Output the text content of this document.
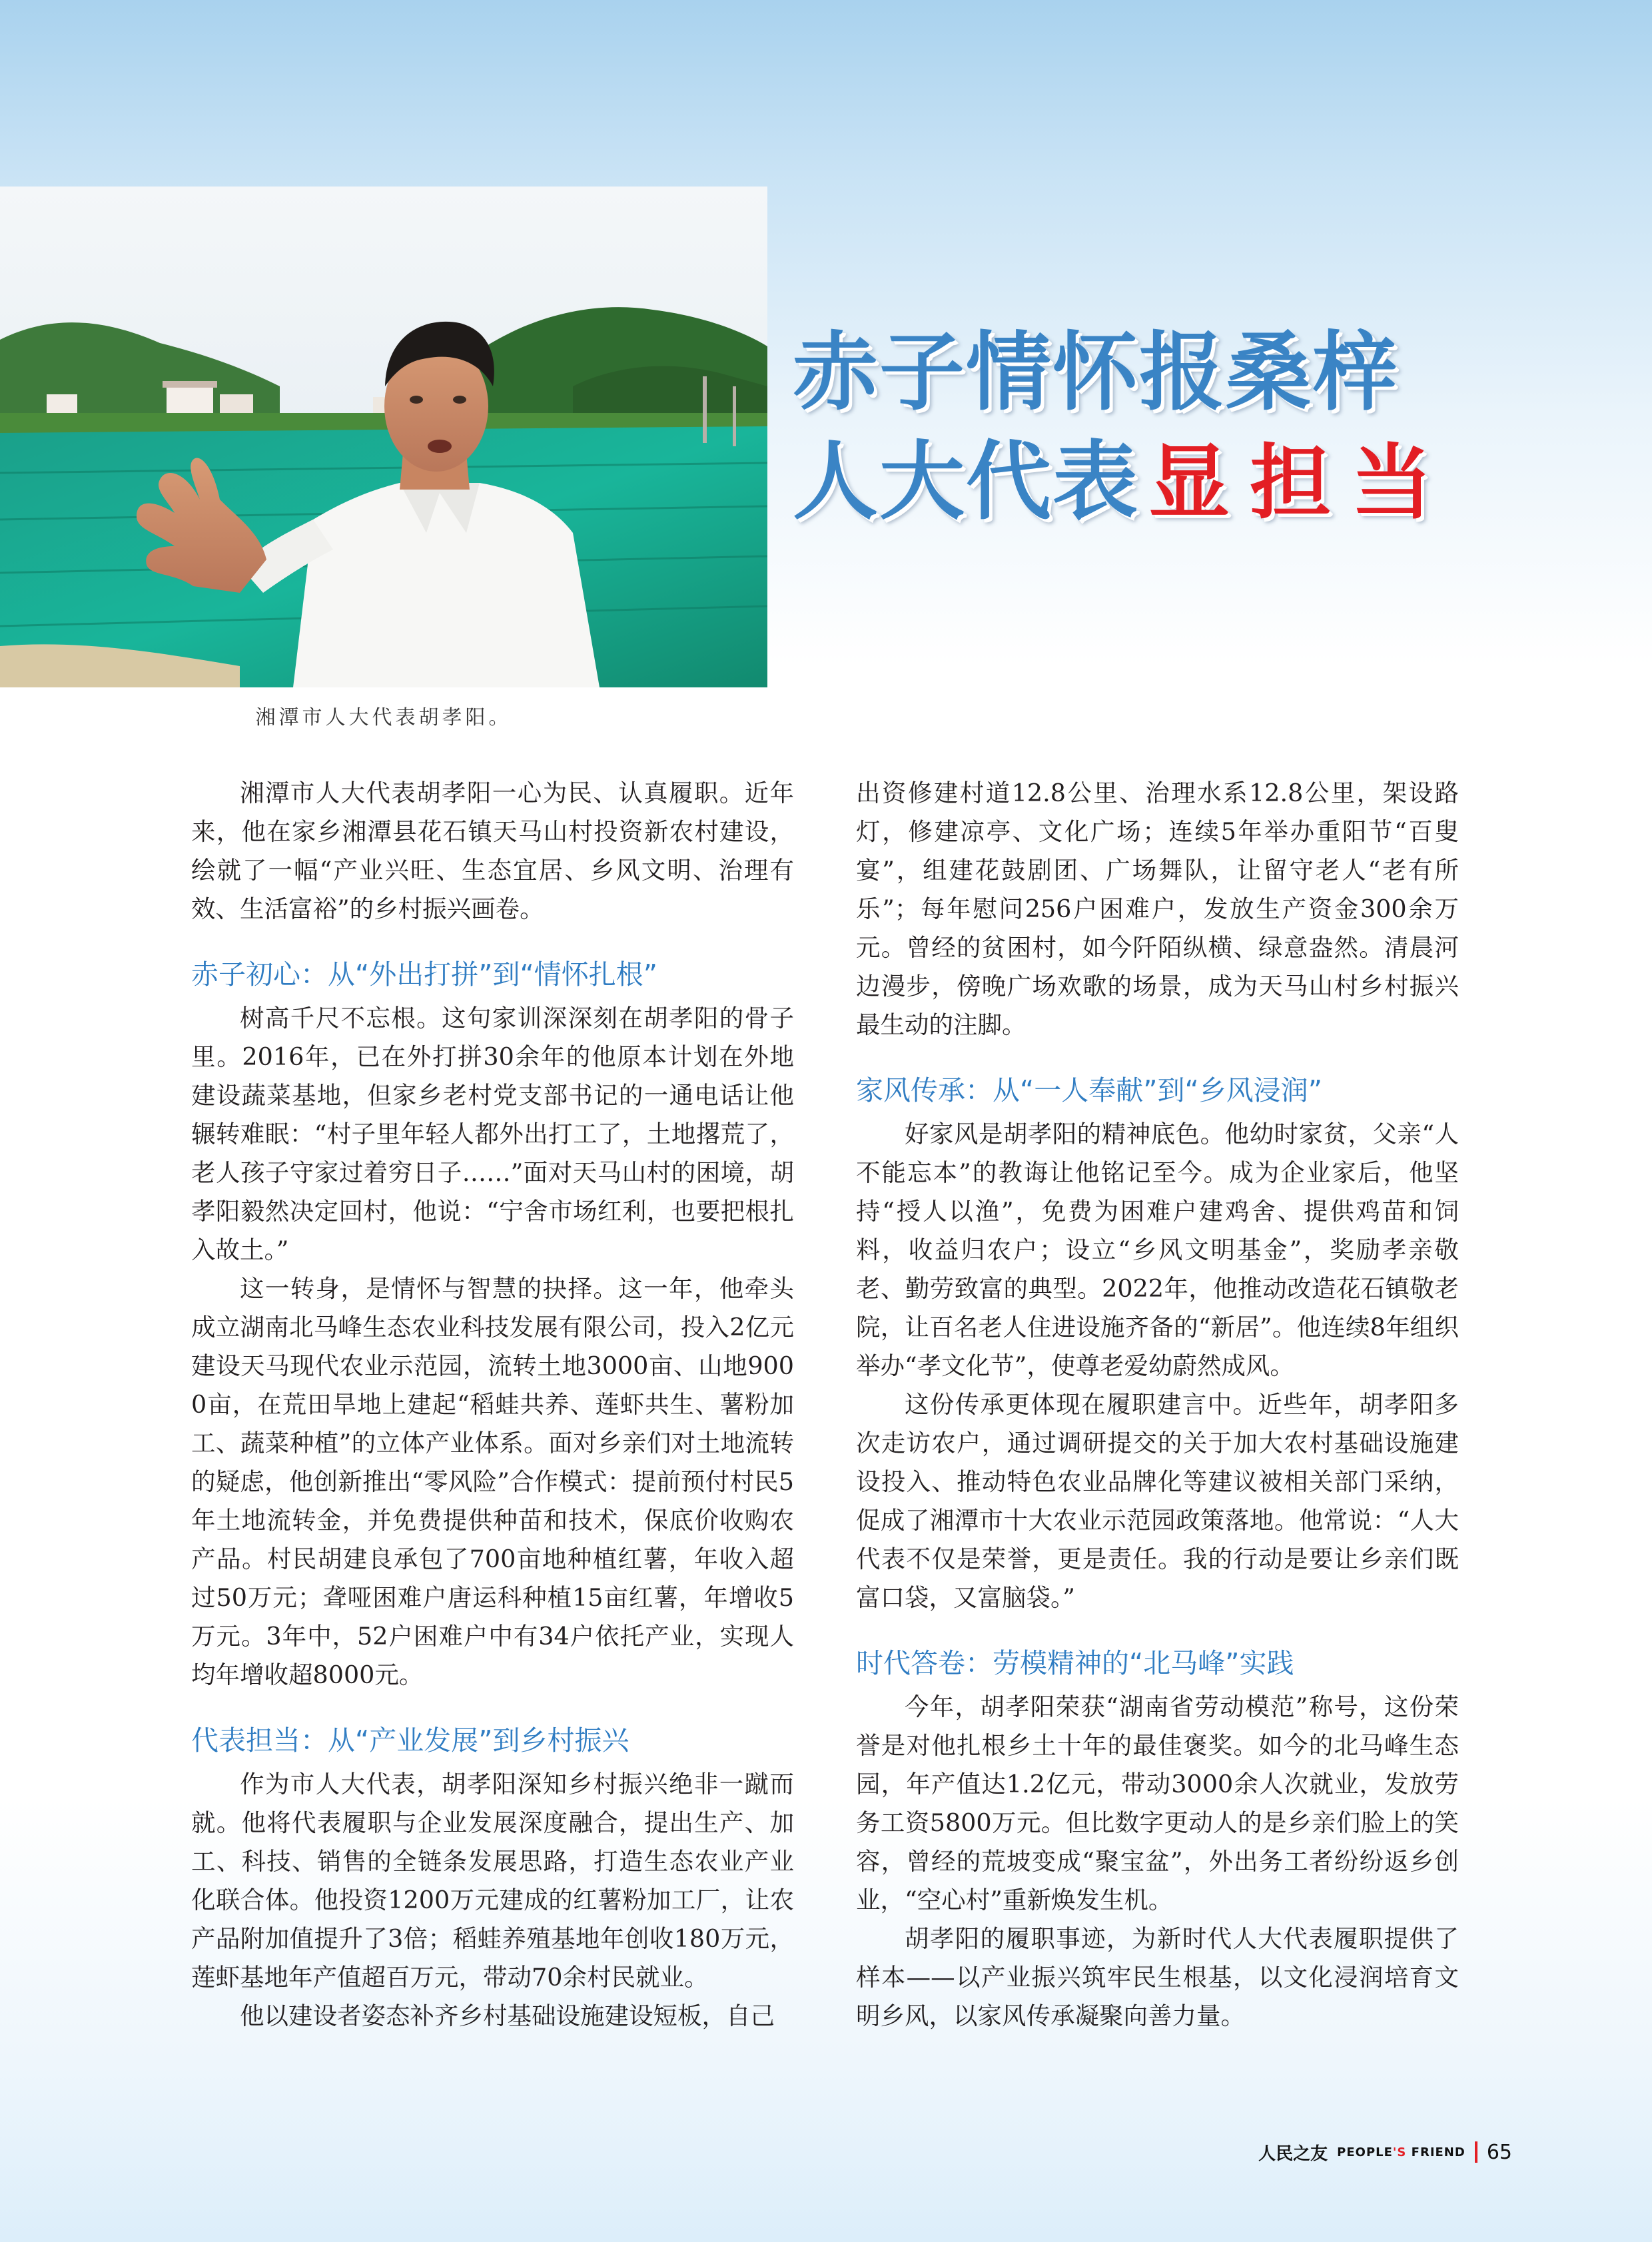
湘潭市人大代表胡孝阳。
赤子情怀报桑梓
人大代表 显担当

湘潭市人大代表胡孝阳一心为民、认真履职。近年来，他在家乡湘潭县花石镇天马山村投资新农村建设，绘就了一幅“产业兴旺、生态宜居、乡风文明、治理有效、生活富裕”的乡村振兴画卷。

赤子初心：从“外出打拼”到“情怀扎根”

树高千尺不忘根。这句家训深深刻在胡孝阳的骨子里。2016年，已在外打拼30余年的他原本计划在外地建设蔬菜基地，但家乡老村党支部书记的一通电话让他辗转难眠：“村子里年轻人都外出打工了，土地撂荒了，老人孩子守家过着穷日子……”面对天马山村的困境，胡孝阳毅然决定回村，他说：“宁舍市场红利，也要把根扎入故土。”

这一转身，是情怀与智慧的抉择。这一年，他牵头成立湖南北马峰生态农业科技发展有限公司，投入2亿元建设天马现代农业示范园，流转土地3000亩、山地9000亩，在荒田旱地上建起“稻蛙共养、莲虾共生、薯粉加工、蔬菜种植”的立体产业体系。面对乡亲们对土地流转的疑虑，他创新推出“零风险”合作模式：提前预付村民5年土地流转金，并免费提供种苗和技术，保底价收购农产品。村民胡建良承包了700亩地种植红薯，年收入超过50万元；聋哑困难户唐运科种植15亩红薯，年增收5万元。3年中，52户困难户中有34户依托产业，实现人均年增收超8000元。

代表担当：从“产业发展”到乡村振兴

作为市人大代表，胡孝阳深知乡村振兴绝非一蹴而就。他将代表履职与企业发展深度融合，提出生产、加工、科技、销售的全链条发展思路，打造生态农业产业化联合体。他投资1200万元建成的红薯粉加工厂，让农产品附加值提升了3倍；稻蛙养殖基地年创收180万元，莲虾基地年产值超百万元，带动70余村民就业。

他以建设者姿态补齐乡村基础设施建设短板，自己

出资修建村道12.8公里、治理水系12.8公里，架设路灯，修建凉亭、文化广场；连续5年举办重阳节“百叟宴”，组建花鼓剧团、广场舞队，让留守老人“老有所乐”；每年慰问256户困难户，发放生产资金300余万元。曾经的贫困村，如今阡陌纵横、绿意盎然。清晨河边漫步，傍晚广场欢歌的场景，成为天马山村乡村振兴最生动的注脚。

家风传承：从“一人奉献”到“乡风浸润”

好家风是胡孝阳的精神底色。他幼时家贫，父亲“人不能忘本”的教诲让他铭记至今。成为企业家后，他坚持“授人以渔”，免费为困难户建鸡舍、提供鸡苗和饲料，收益归农户；设立“乡风文明基金”，奖励孝亲敬老、勤劳致富的典型。2022年，他推动改造花石镇敬老院，让百名老人住进设施齐备的“新居”。他连续8年组织举办“孝文化节”，使尊老爱幼蔚然成风。

这份传承更体现在履职建言中。近些年，胡孝阳多次走访农户，通过调研提交的关于加大农村基础设施建设投入、推动特色农业品牌化等建议被相关部门采纳，促成了湘潭市十大农业示范园政策落地。他常说：“人大代表不仅是荣誉，更是责任。我的行动是要让乡亲们既富口袋，又富脑袋。”

时代答卷：劳模精神的“北马峰”实践

今年，胡孝阳荣获“湖南省劳动模范”称号，这份荣誉是对他扎根乡土十年的最佳褒奖。如今的北马峰生态园，年产值达1.2亿元，带动3000余人次就业，发放劳务工资5800万元。但比数字更动人的是乡亲们脸上的笑容，曾经的荒坡变成“聚宝盆”，外出务工者纷纷返乡创业，“空心村”重新焕发生机。

胡孝阳的履职事迹，为新时代人大代表履职提供了样本——以产业振兴筑牢民生根基，以文化浸润培育文明乡风，以家风传承凝聚向善力量。

人民之友 PEOPLE'S FRIEND 65
